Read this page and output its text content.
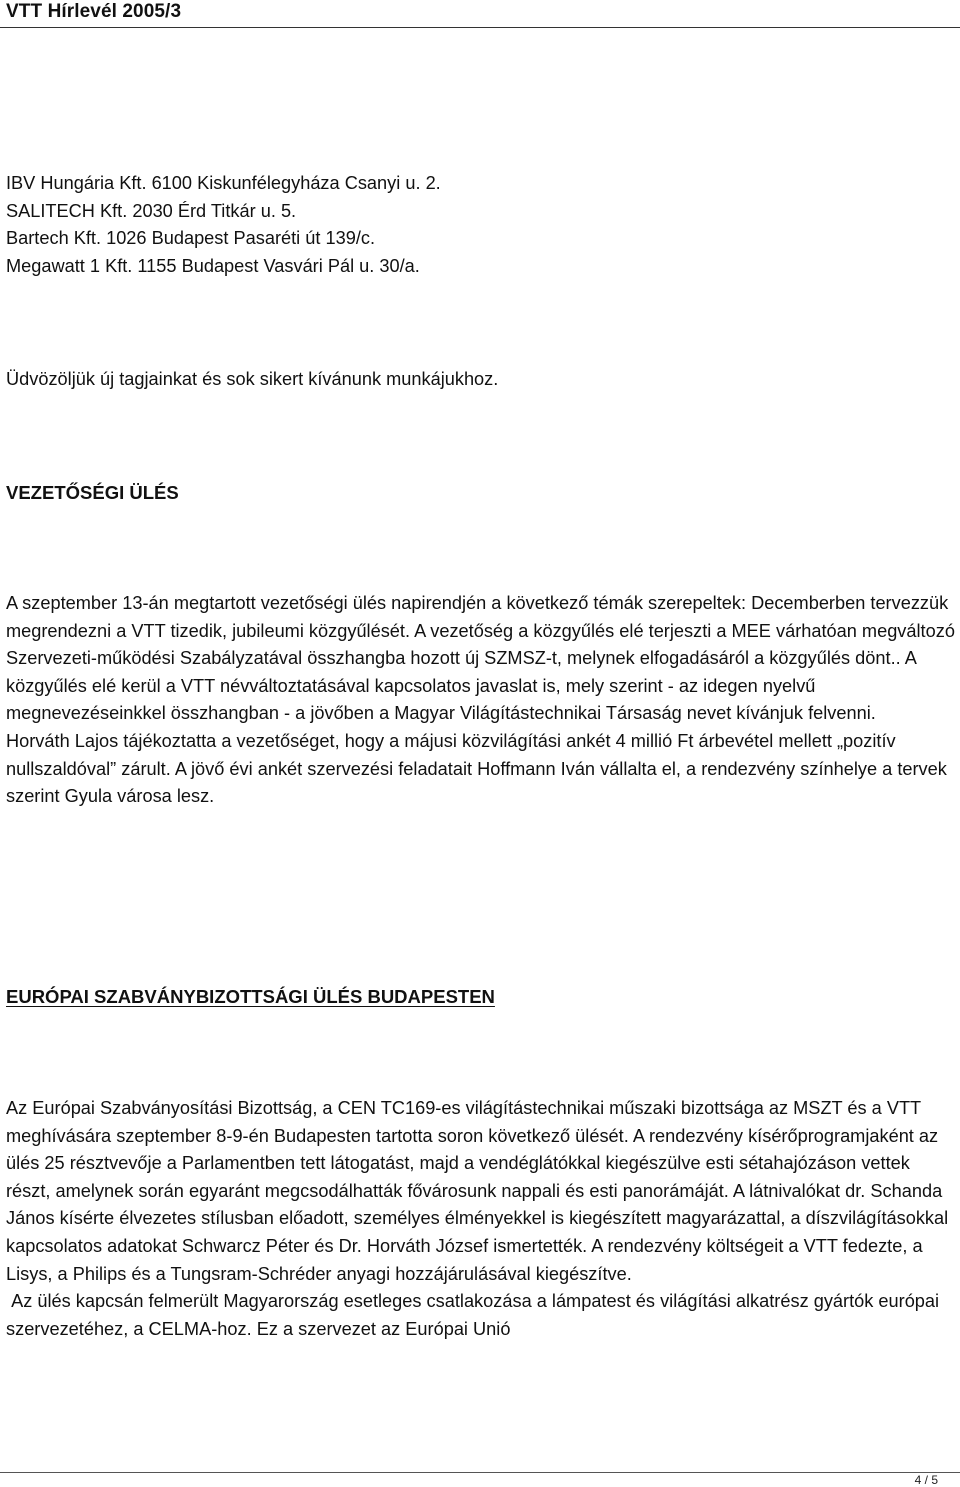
VTT Hírlevél 2005/3
IBV Hungária Kft. 6100 Kiskunfélegyháza Csanyi u. 2.
SALITECH Kft. 2030 Érd Titkár u. 5.
Bartech Kft. 1026 Budapest Pasaréti út 139/c.
Megawatt 1 Kft. 1155 Budapest Vasvári Pál u. 30/a.
Üdvözöljük új tagjainkat és sok sikert kívánunk munkájukhoz.
VEZETŐSÉGI ÜLÉS
A szeptember 13-án megtartott vezetőségi ülés napirendjén a következő témák szerepeltek: Decemberben tervezzük megrendezni a VTT tizedik, jubileumi közgyűlését. A vezetőség a közgyűlés elé terjeszti a MEE várhatóan megváltozó Szervezeti-működési Szabályzatával összhangba hozott új SZMSZ-t, melynek elfogadásáról a közgyűlés dönt.. A közgyűlés elé kerül a VTT névváltoztatásával kapcsolatos javaslat is, mely szerint - az idegen nyelvű megnevezéseinkkel összhangban - a jövőben a Magyar Világítástechnikai Társaság nevet kívánjuk felvenni.
Horváth Lajos tájékoztatta a vezetőséget, hogy a májusi közvilágítási ankét 4 millió Ft árbevétel mellett „pozitív nullszaldóval” zárult. A jövő évi ankét szervezési feladatait Hoffmann Iván vállalta el, a rendezvény színhelye a tervek szerint Gyula városa lesz.
EURÓPAI SZABVÁNYBIZOTTSÁGI ÜLÉS BUDAPESTEN
Az Európai Szabványosítási Bizottság, a CEN TC169-es világítástechnikai műszaki bizottsága az MSZT és a VTT meghívására szeptember 8-9-én Budapesten tartotta soron következő ülését. A rendezvény kísérőprogramjaként az ülés 25 résztvevője a Parlamentben tett látogatást, majd a vendéglátókkal kiegészülve esti sétahajózáson vettek részt, amelynek során egyaránt megcsodálhatták fővárosunk nappali és esti panorámáját. A látnivalókat dr. Schanda János kísérte élvezetes stílusban előadott, személyes élményekkel is kiegészített magyarázattal, a díszvilágításokkal kapcsolatos adatokat Schwarcz Péter és Dr. Horváth József ismertették. A rendezvény költségeit a VTT fedezte, a Lisys, a Philips és a Tungsram-Schréder anyagi hozzájárulásával kiegészítve.
Az ülés kapcsán felmerült Magyarország esetleges csatlakozása a lámpatest és világítási alkatrész gyártók európai szervezetéhez, a CELMA-hoz. Ez a szervezet az Európai Unió
4 / 5
